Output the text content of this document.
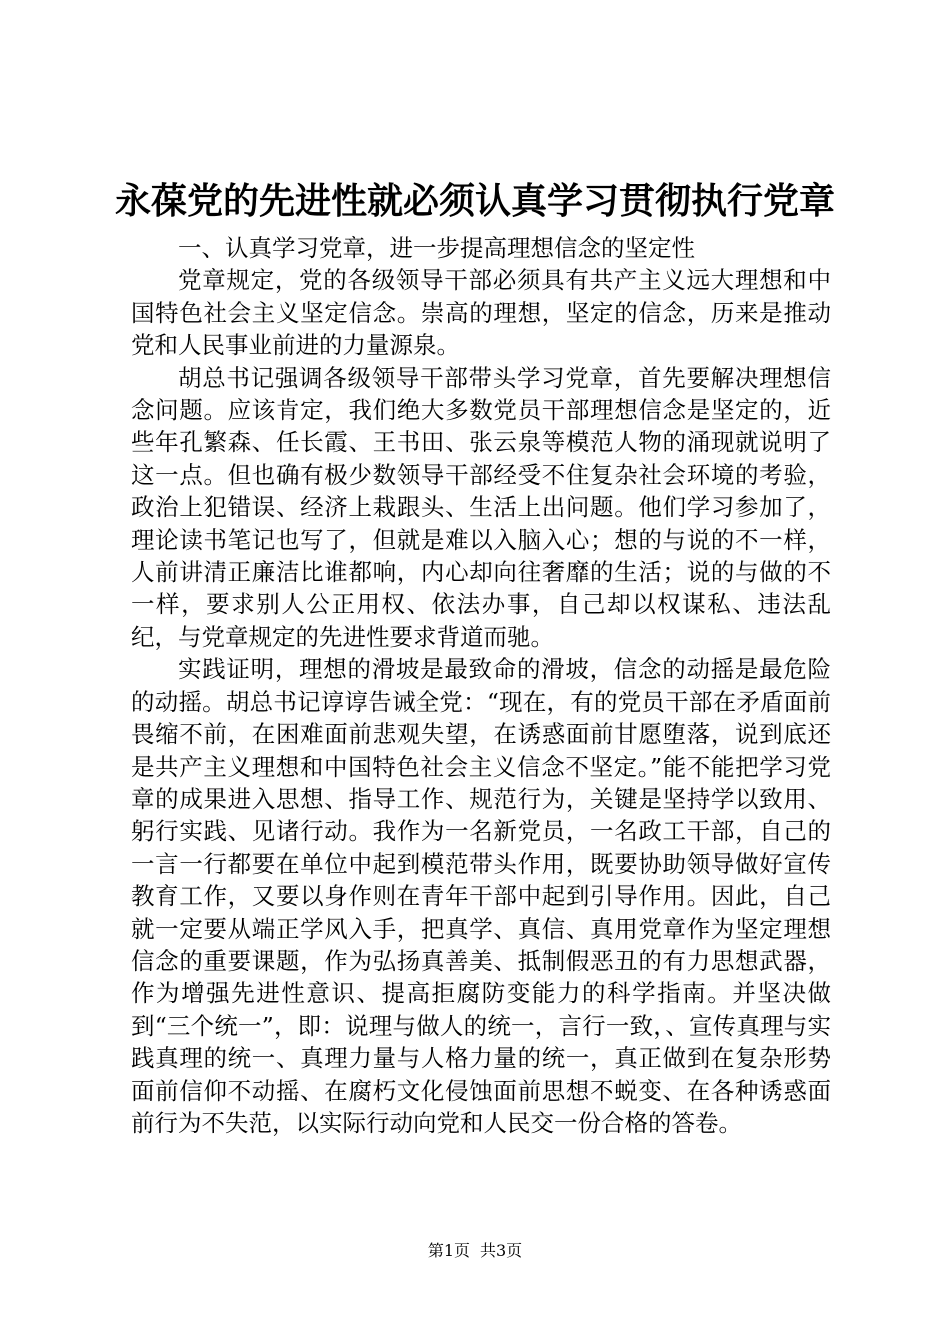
永葆党的先进性就必须认真学习贯彻执行党章

一、认真学习党章，进一步提高理想信念的坚定性

党章规定，党的各级领导干部必须具有共产主义远大理想和中国特色社会主义坚定信念。崇高的理想，坚定的信念，历来是推动党和人民事业前进的力量源泉。

胡总书记强调各级领导干部带头学习党章，首先要解决理想信念问题。应该肯定，我们绝大多数党员干部理想信念是坚定的，近些年孔繁森、任长霞、王书田、张云泉等模范人物的涌现就说明了这一点。但也确有极少数领导干部经受不住复杂社会环境的考验，政治上犯错误、经济上栽跟头、生活上出问题。他们学习参加了，理论读书笔记也写了，但就是难以入脑入心；想的与说的不一样，人前讲清正廉洁比谁都响，内心却向往奢靡的生活；说的与做的不一样，要求别人公正用权、依法办事，自己却以权谋私、违法乱纪，与党章规定的先进性要求背道而驰。

实践证明，理想的滑坡是最致命的滑坡，信念的动摇是最危险的动摇。胡总书记谆谆告诫全党：“现在，有的党员干部在矛盾面前畏缩不前，在困难面前悲观失望，在诱惑面前甘愿堕落，说到底还是共产主义理想和中国特色社会主义信念不坚定。”能不能把学习党章的成果进入思想、指导工作、规范行为，关键是坚持学以致用、躬行实践、见诸行动。我作为一名新党员，一名政工干部，自己的一言一行都要在单位中起到模范带头作用，既要协助领导做好宣传教育工作，又要以身作则在青年干部中起到引导作用。因此，自己就一定要从端正学风入手，把真学、真信、真用党章作为坚定理想信念的重要课题，作为弘扬真善美、抵制假恶丑的有力思想武器，作为增强先进性意识、提高拒腐防变能力的科学指南。并坚决做到“三个统一”，即：说理与做人的统一，言行一致，、宣传真理与实践真理的统一、真理力量与人格力量的统一，真正做到在复杂形势面前信仰不动摇、在腐朽文化侵蚀面前思想不蜕变、在各种诱惑面前行为不失范，以实际行动向党和人民交一份合格的答卷。

第1页 共3页
